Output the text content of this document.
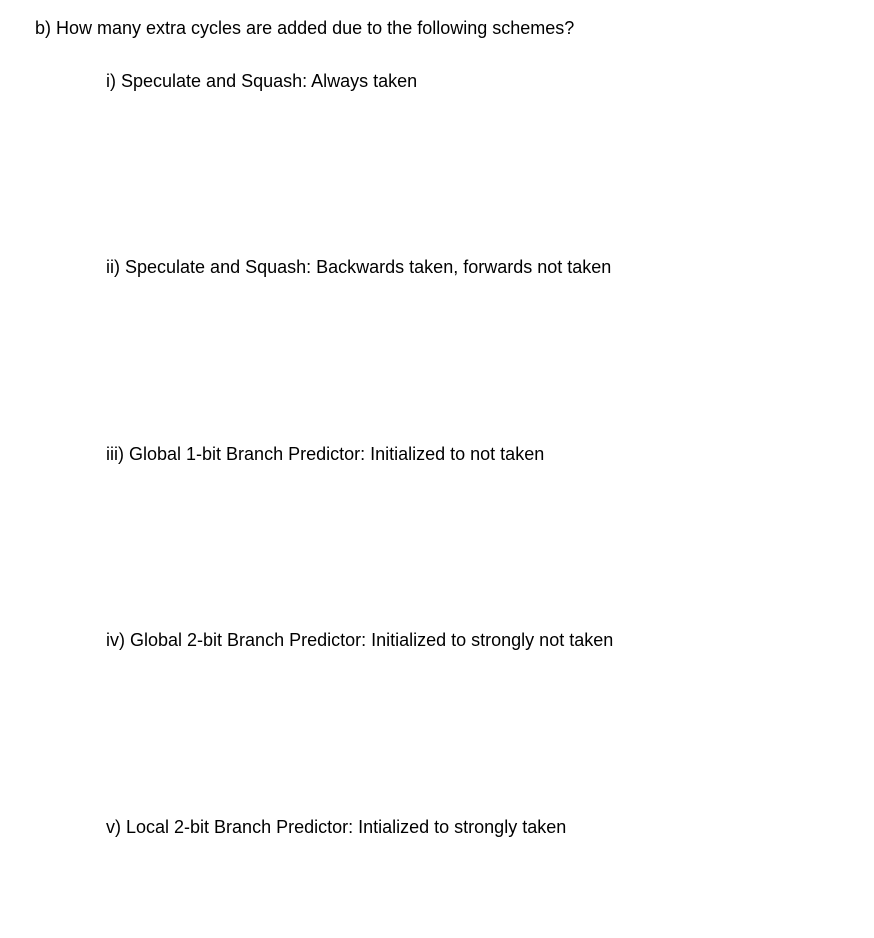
b) How many extra cycles are added due to the following schemes?
i) Speculate and Squash: Always taken
ii) Speculate and Squash: Backwards taken, forwards not taken
iii) Global 1-bit Branch Predictor: Initialized to not taken
iv) Global 2-bit Branch Predictor: Initialized to strongly not taken
v) Local 2-bit Branch Predictor: Intialized to strongly taken
